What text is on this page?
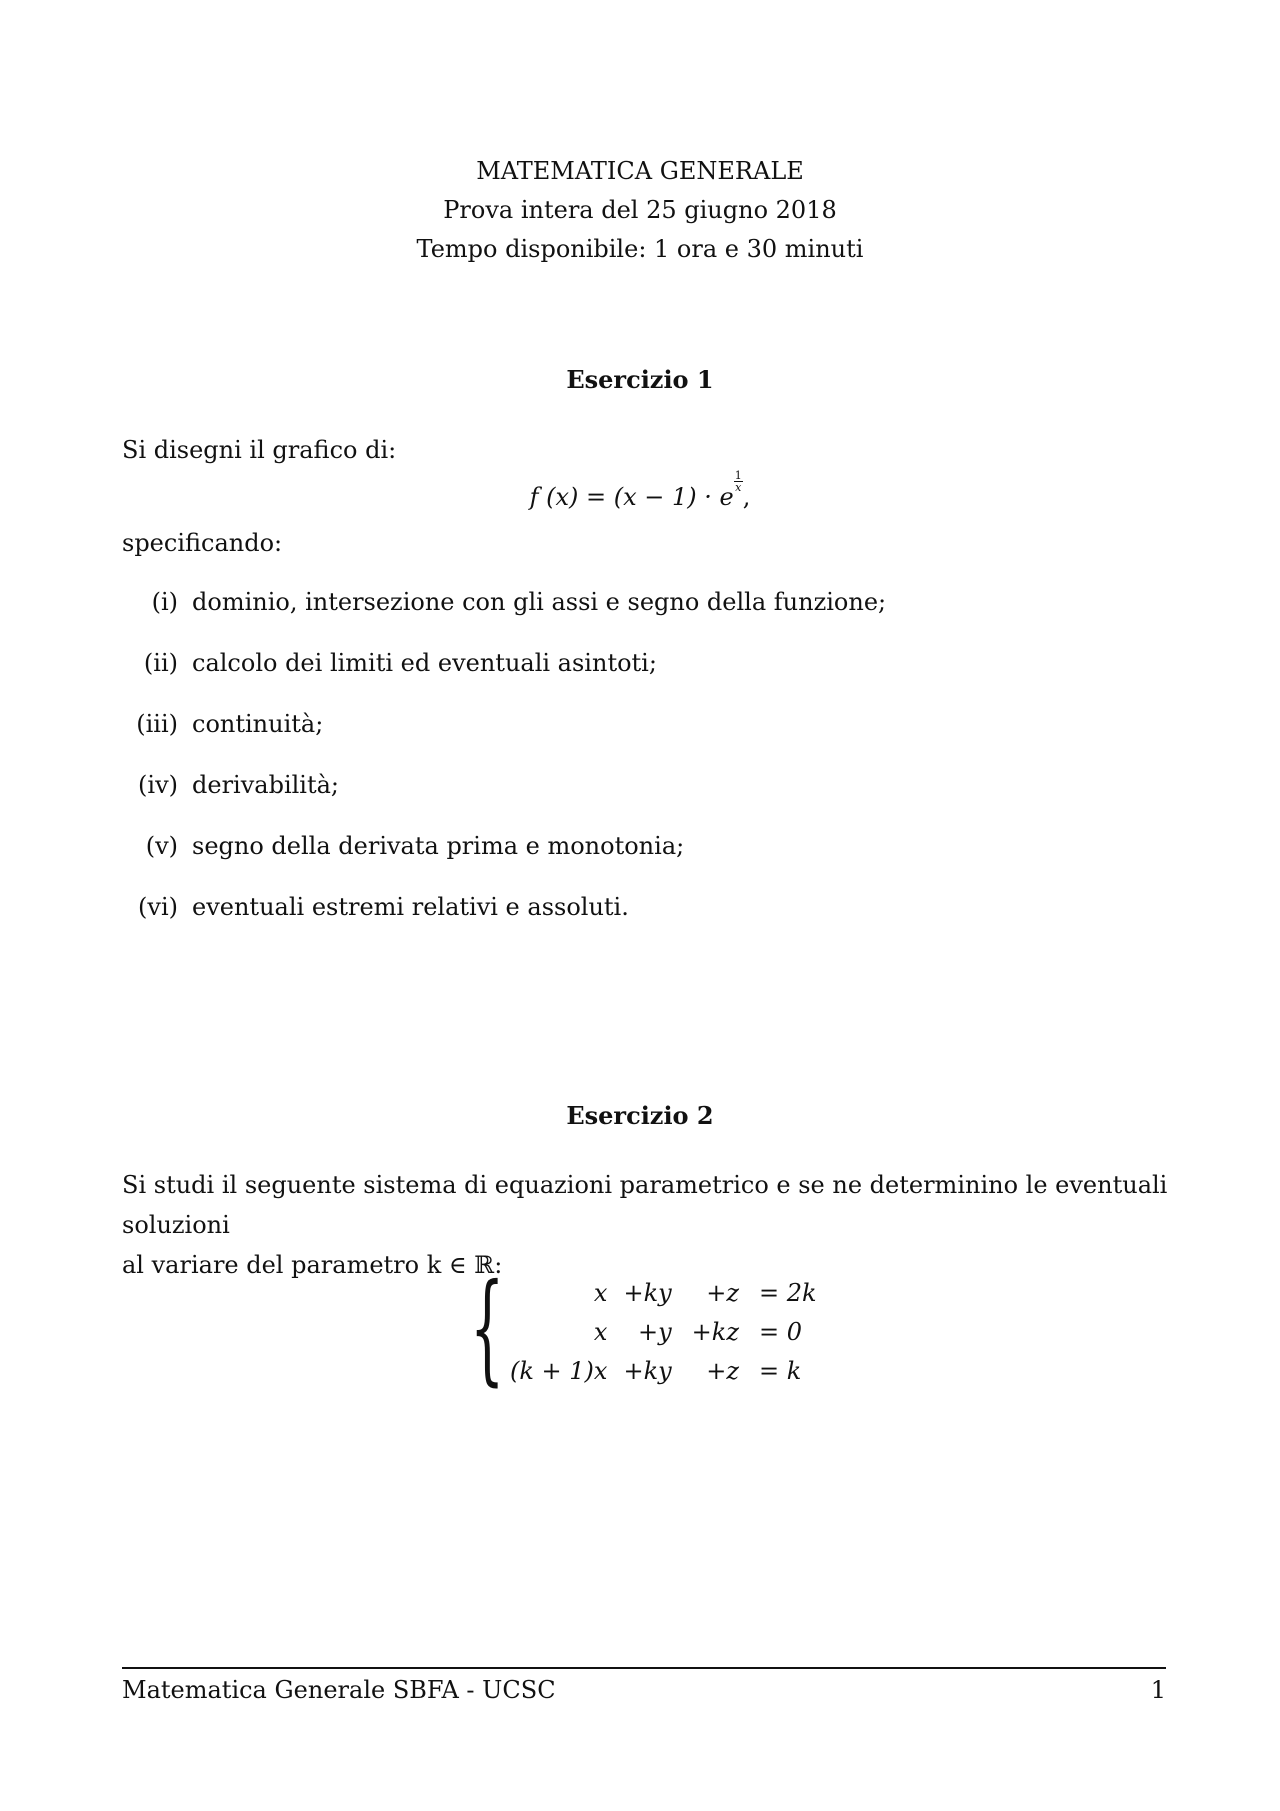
MATEMATICA GENERALE
Prova intera del 25 giugno 2018
Tempo disponibile: 1 ora e 30 minuti
Esercizio 1
Si disegni il grafico di:
f (x) = (x − 1) · e
$^{\frac{1}{x}}$
,
specificando:
(i) dominio, intersezione con gli assi e segno della funzione;
(ii) calcolo dei limiti ed eventuali asintoti;
(iii) continuità;
(iv) derivabilità;
(v) segno della derivata prima e monotonia;
(vi) eventuali estremi relativi e assoluti.
Esercizio 2
Si studi il seguente sistema di equazioni parametrico e se ne determinino le eventuali soluzioni
al variare del parametro k ∈ ℝ:
{	x	+ky	+z	= 2k
x	+y	+kz	= 0
(k + 1)x	+ky	+z	= k
Matematica Generale SBFA - UCSC	1
